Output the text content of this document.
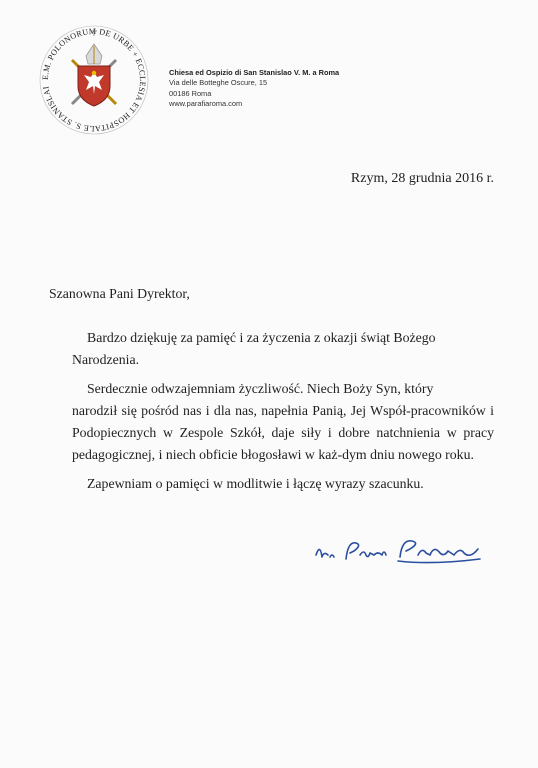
E.M. POLONORUM DE URBE + ECCLESIA ET HOSPITALE S. STANISLAI
Chiesa ed Ospizio di San Stanislao V. M. a Roma
Via delle Botteghe Oscure, 15
00186 Roma
www.parafiaroma.com
Rzym, 28 grudnia 2016 r.
Szanowna Pani Dyrektor,

Bardzo dziękuję za pamięć i za życzenia z okazji świąt Bożego
Narodzenia.

Serdecznie odwzajemniam życzliwość. Niech Boży Syn, który
narodził się pośród nas i dla nas, napełnia Panią, Jej Współ-pracowników i Podopiecznych w Zespole Szkół, daje siły i dobre natchnienia w pracy pedagogicznej, i niech obficie błogosławi w każ-dym dniu nowego roku.

Zapewniam o pamięci w modlitwie i łączę wyrazy szacunku.
